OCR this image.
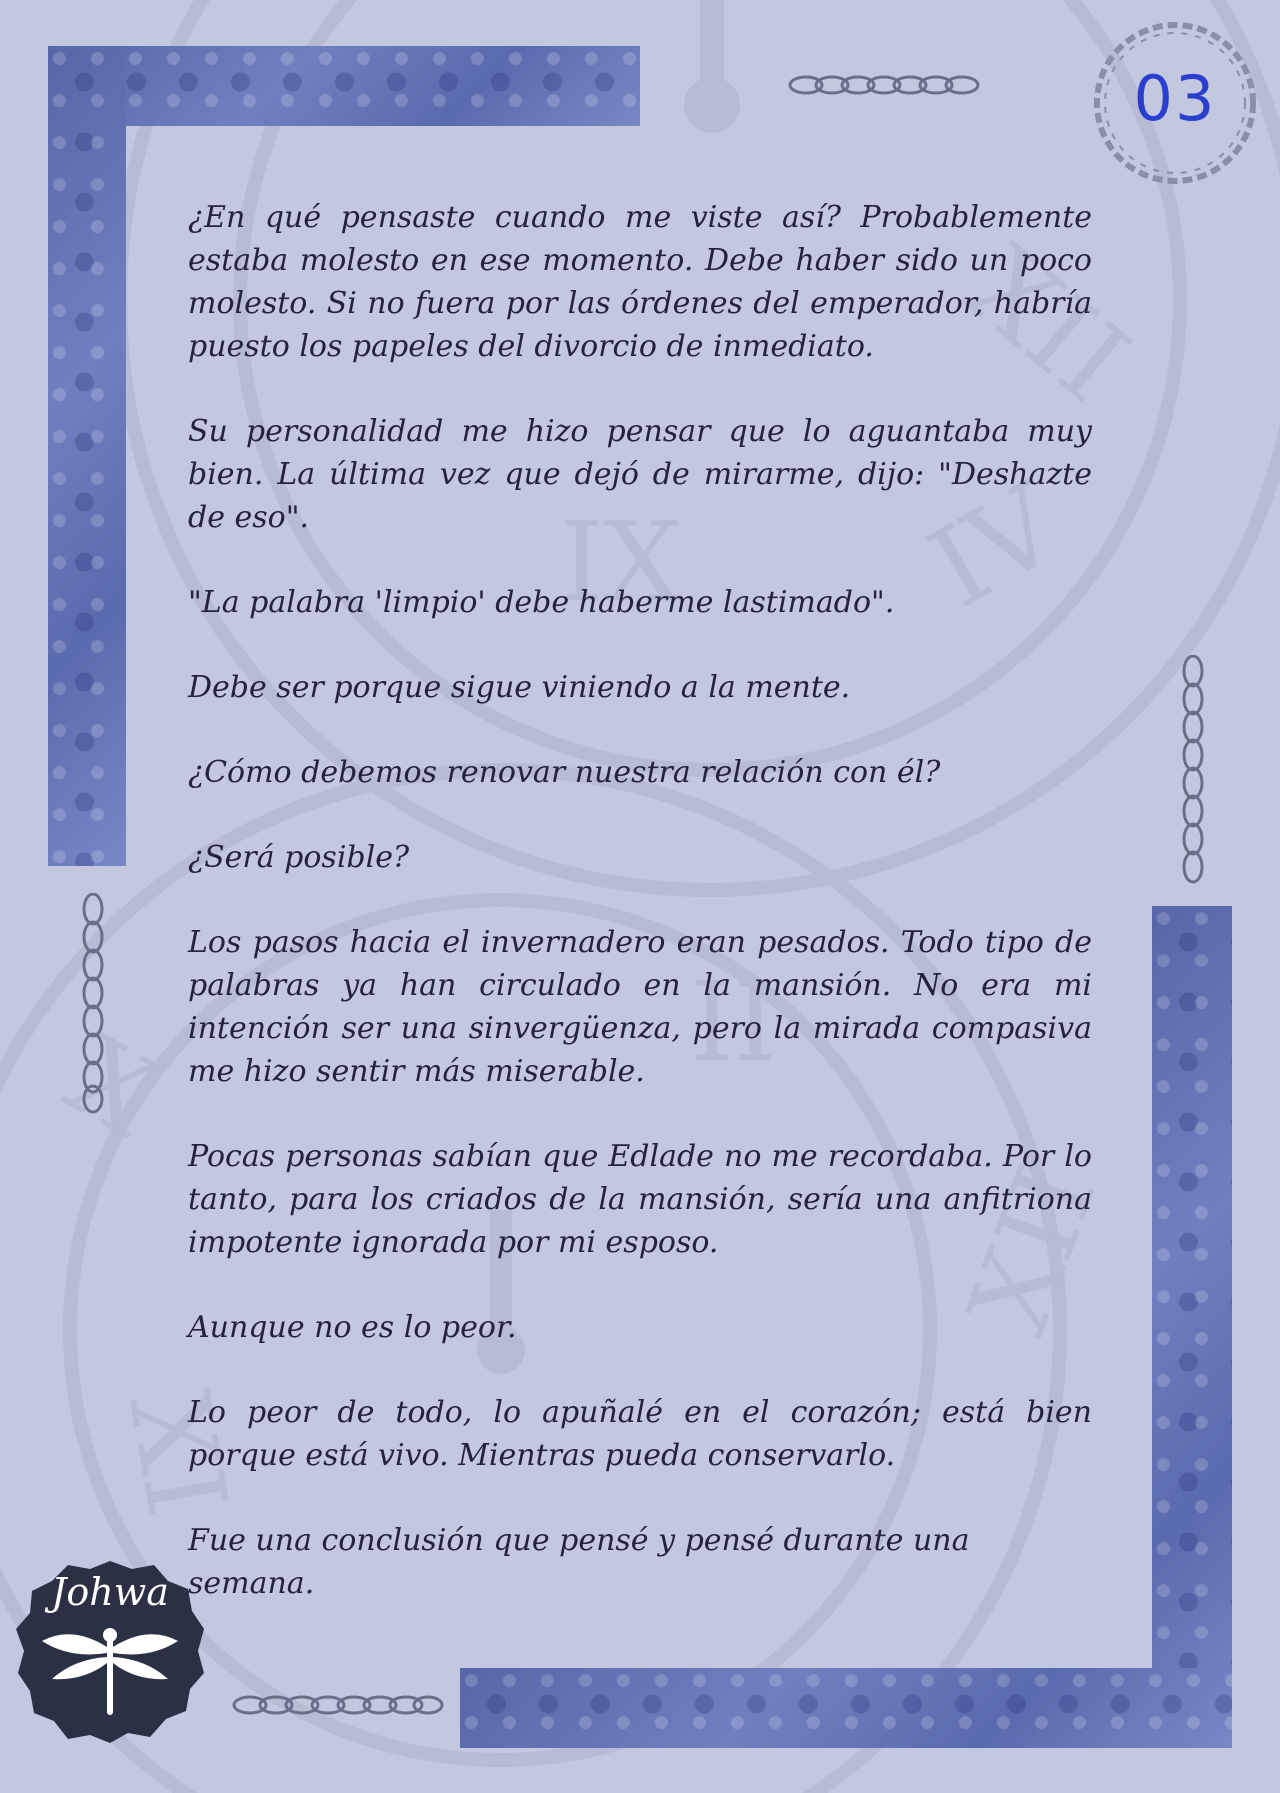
XII
IV
IX
II
XI
XII
X
03

¿En qué pensaste cuando me viste así? Probablemente estaba molesto en ese momento. Debe haber sido un poco molesto. Si no fuera por las órdenes del emperador, habría puesto los papeles del divorcio de inmediato.

Su personalidad me hizo pensar que lo aguantaba muy bien. La última vez que dejó de mirarme, dijo: "Deshazte de eso".

"La palabra 'limpio' debe haberme lastimado".

Debe ser porque sigue viniendo a la mente.

¿Cómo debemos renovar nuestra relación con él?

¿Será posible?

Los pasos hacia el invernadero eran pesados. Todo tipo de palabras ya han circulado en la mansión. No era mi intención ser una sinvergüenza, pero la mirada compasiva me hizo sentir más miserable.

Pocas personas sabían que Edlade no me recordaba. Por lo tanto, para los criados de la mansión, sería una anfitriona impotente ignorada por mi esposo.

Aunque no es lo peor.

Lo peor de todo, lo apuñalé en el corazón; está bien porque está vivo. Mientras pueda conservarlo.

Fue una conclusión que pensé y pensé durante una semana.

Johwa
